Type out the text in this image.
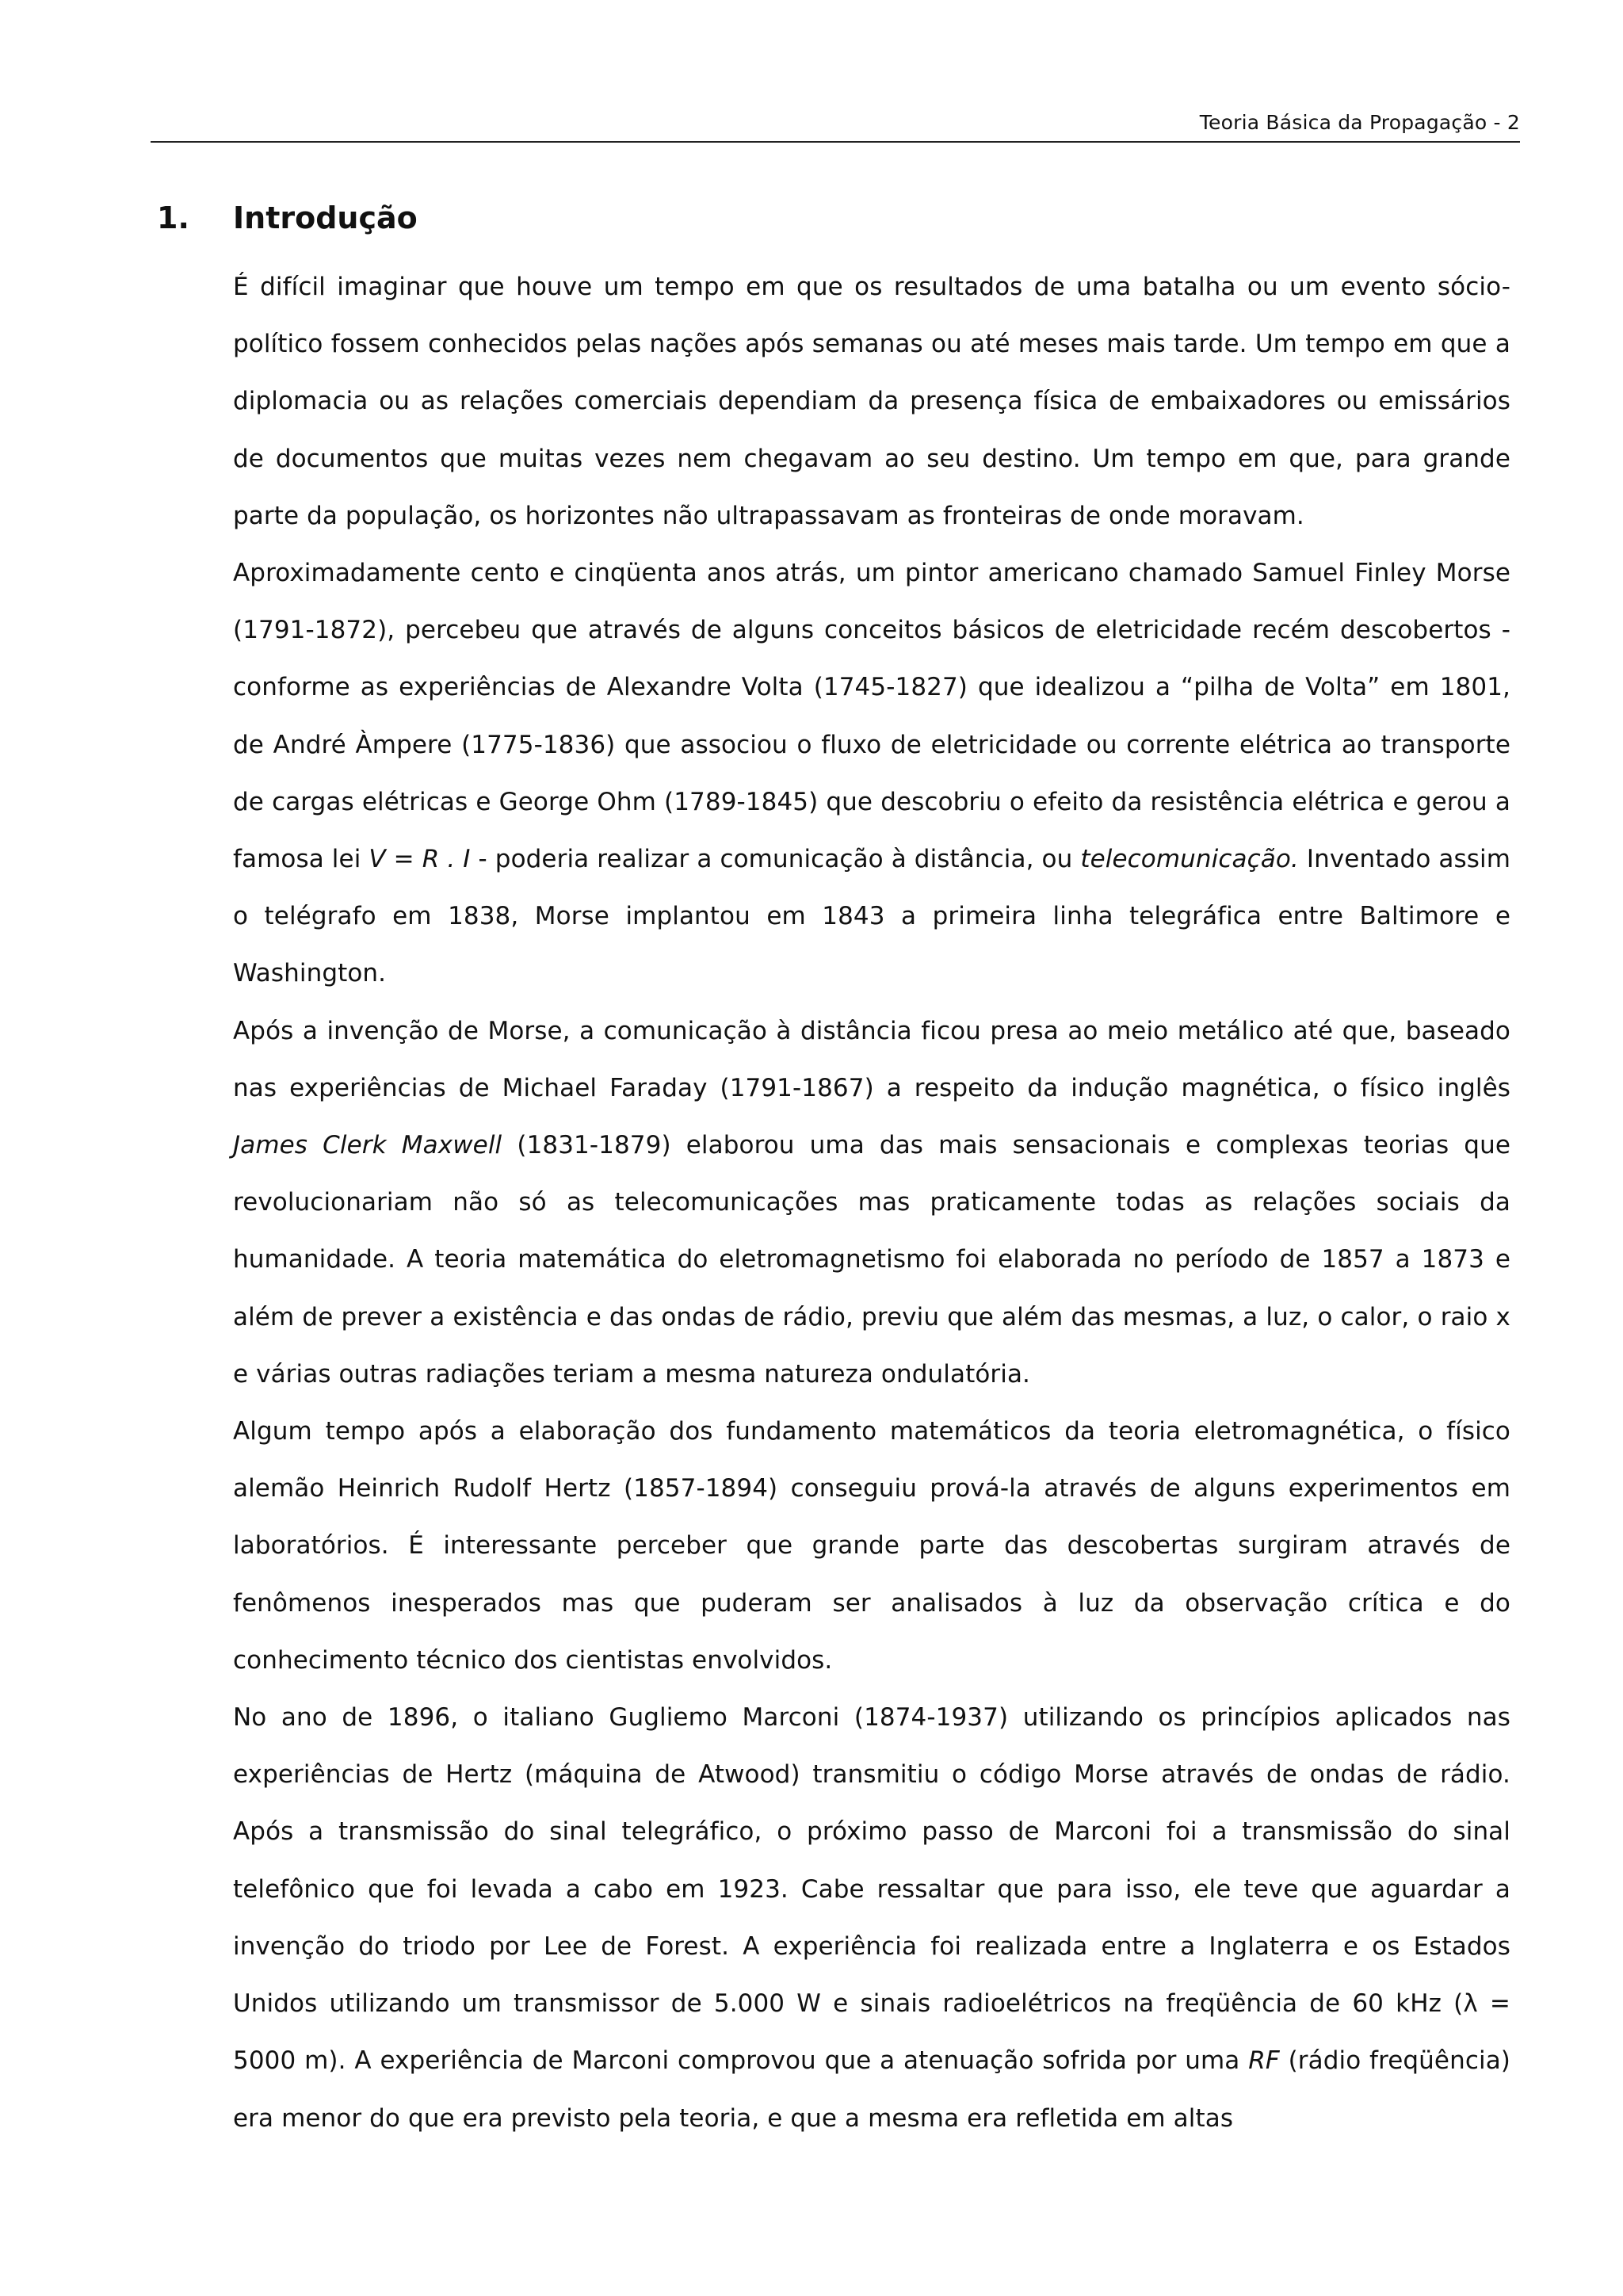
Teoria Básica da Propagação - 2
1. Introdução

É difícil imaginar que houve um tempo em que os resultados de uma batalha ou um evento sócio-político fossem conhecidos pelas nações após semanas ou até meses mais tarde. Um tempo em que a diplomacia ou as relações comerciais dependiam da presença física de embaixadores ou emissários de documentos que muitas vezes nem chegavam ao seu destino. Um tempo em que, para grande parte da população, os horizontes não ultrapassavam as fronteiras de onde moravam.

Aproximadamente cento e cinqüenta anos atrás, um pintor americano chamado Samuel Finley Morse (1791-1872), percebeu que através de alguns conceitos básicos de eletricidade recém descobertos - conforme as experiências de Alexandre Volta (1745-1827) que idealizou a “pilha de Volta” em 1801, de André Àmpere (1775-1836) que associou o fluxo de eletricidade ou corrente elétrica ao transporte de cargas elétricas e George Ohm (1789-1845) que descobriu o efeito da resistência elétrica e gerou a famosa lei V = R . I - poderia realizar a comunicação à distância, ou telecomunicação. Inventado assim o telégrafo em 1838, Morse implantou em 1843 a primeira linha telegráfica entre Baltimore e Washington.

Após a invenção de Morse, a comunicação à distância ficou presa ao meio metálico até que, baseado nas experiências de Michael Faraday (1791-1867) a respeito da indução magnética, o físico inglês James Clerk Maxwell (1831-1879) elaborou uma das mais sensacionais e complexas teorias que revolucionariam não só as telecomunicações mas praticamente todas as relações sociais da humanidade. A teoria matemática do eletromagnetismo foi elaborada no período de 1857 a 1873 e além de prever a existência e das ondas de rádio, previu que além das mesmas, a luz, o calor, o raio x e várias outras radiações teriam a mesma natureza ondulatória.

Algum tempo após a elaboração dos fundamento matemáticos da teoria eletromagnética, o físico alemão Heinrich Rudolf Hertz (1857-1894) conseguiu prová-la através de alguns experimentos em laboratórios. É interessante perceber que grande parte das descobertas surgiram através de fenômenos inesperados mas que puderam ser analisados à luz da observação crítica e do conhecimento técnico dos cientistas envolvidos.

No ano de 1896, o italiano Gugliemo Marconi (1874-1937) utilizando os princípios aplicados nas experiências de Hertz (máquina de Atwood) transmitiu o código Morse através de ondas de rádio. Após a transmissão do sinal telegráfico, o próximo passo de Marconi foi a transmissão do sinal telefônico que foi levada a cabo em 1923. Cabe ressaltar que para isso, ele teve que aguardar a invenção do triodo por Lee de Forest. A experiência foi realizada entre a Inglaterra e os Estados Unidos utilizando um transmissor de 5.000 W e sinais radioelétricos na freqüência de 60 kHz (λ = 5000 m). A experiência de Marconi comprovou que a atenuação sofrida por uma RF (rádio freqüência) era menor do que era previsto pela teoria, e que a mesma era refletida em altas
